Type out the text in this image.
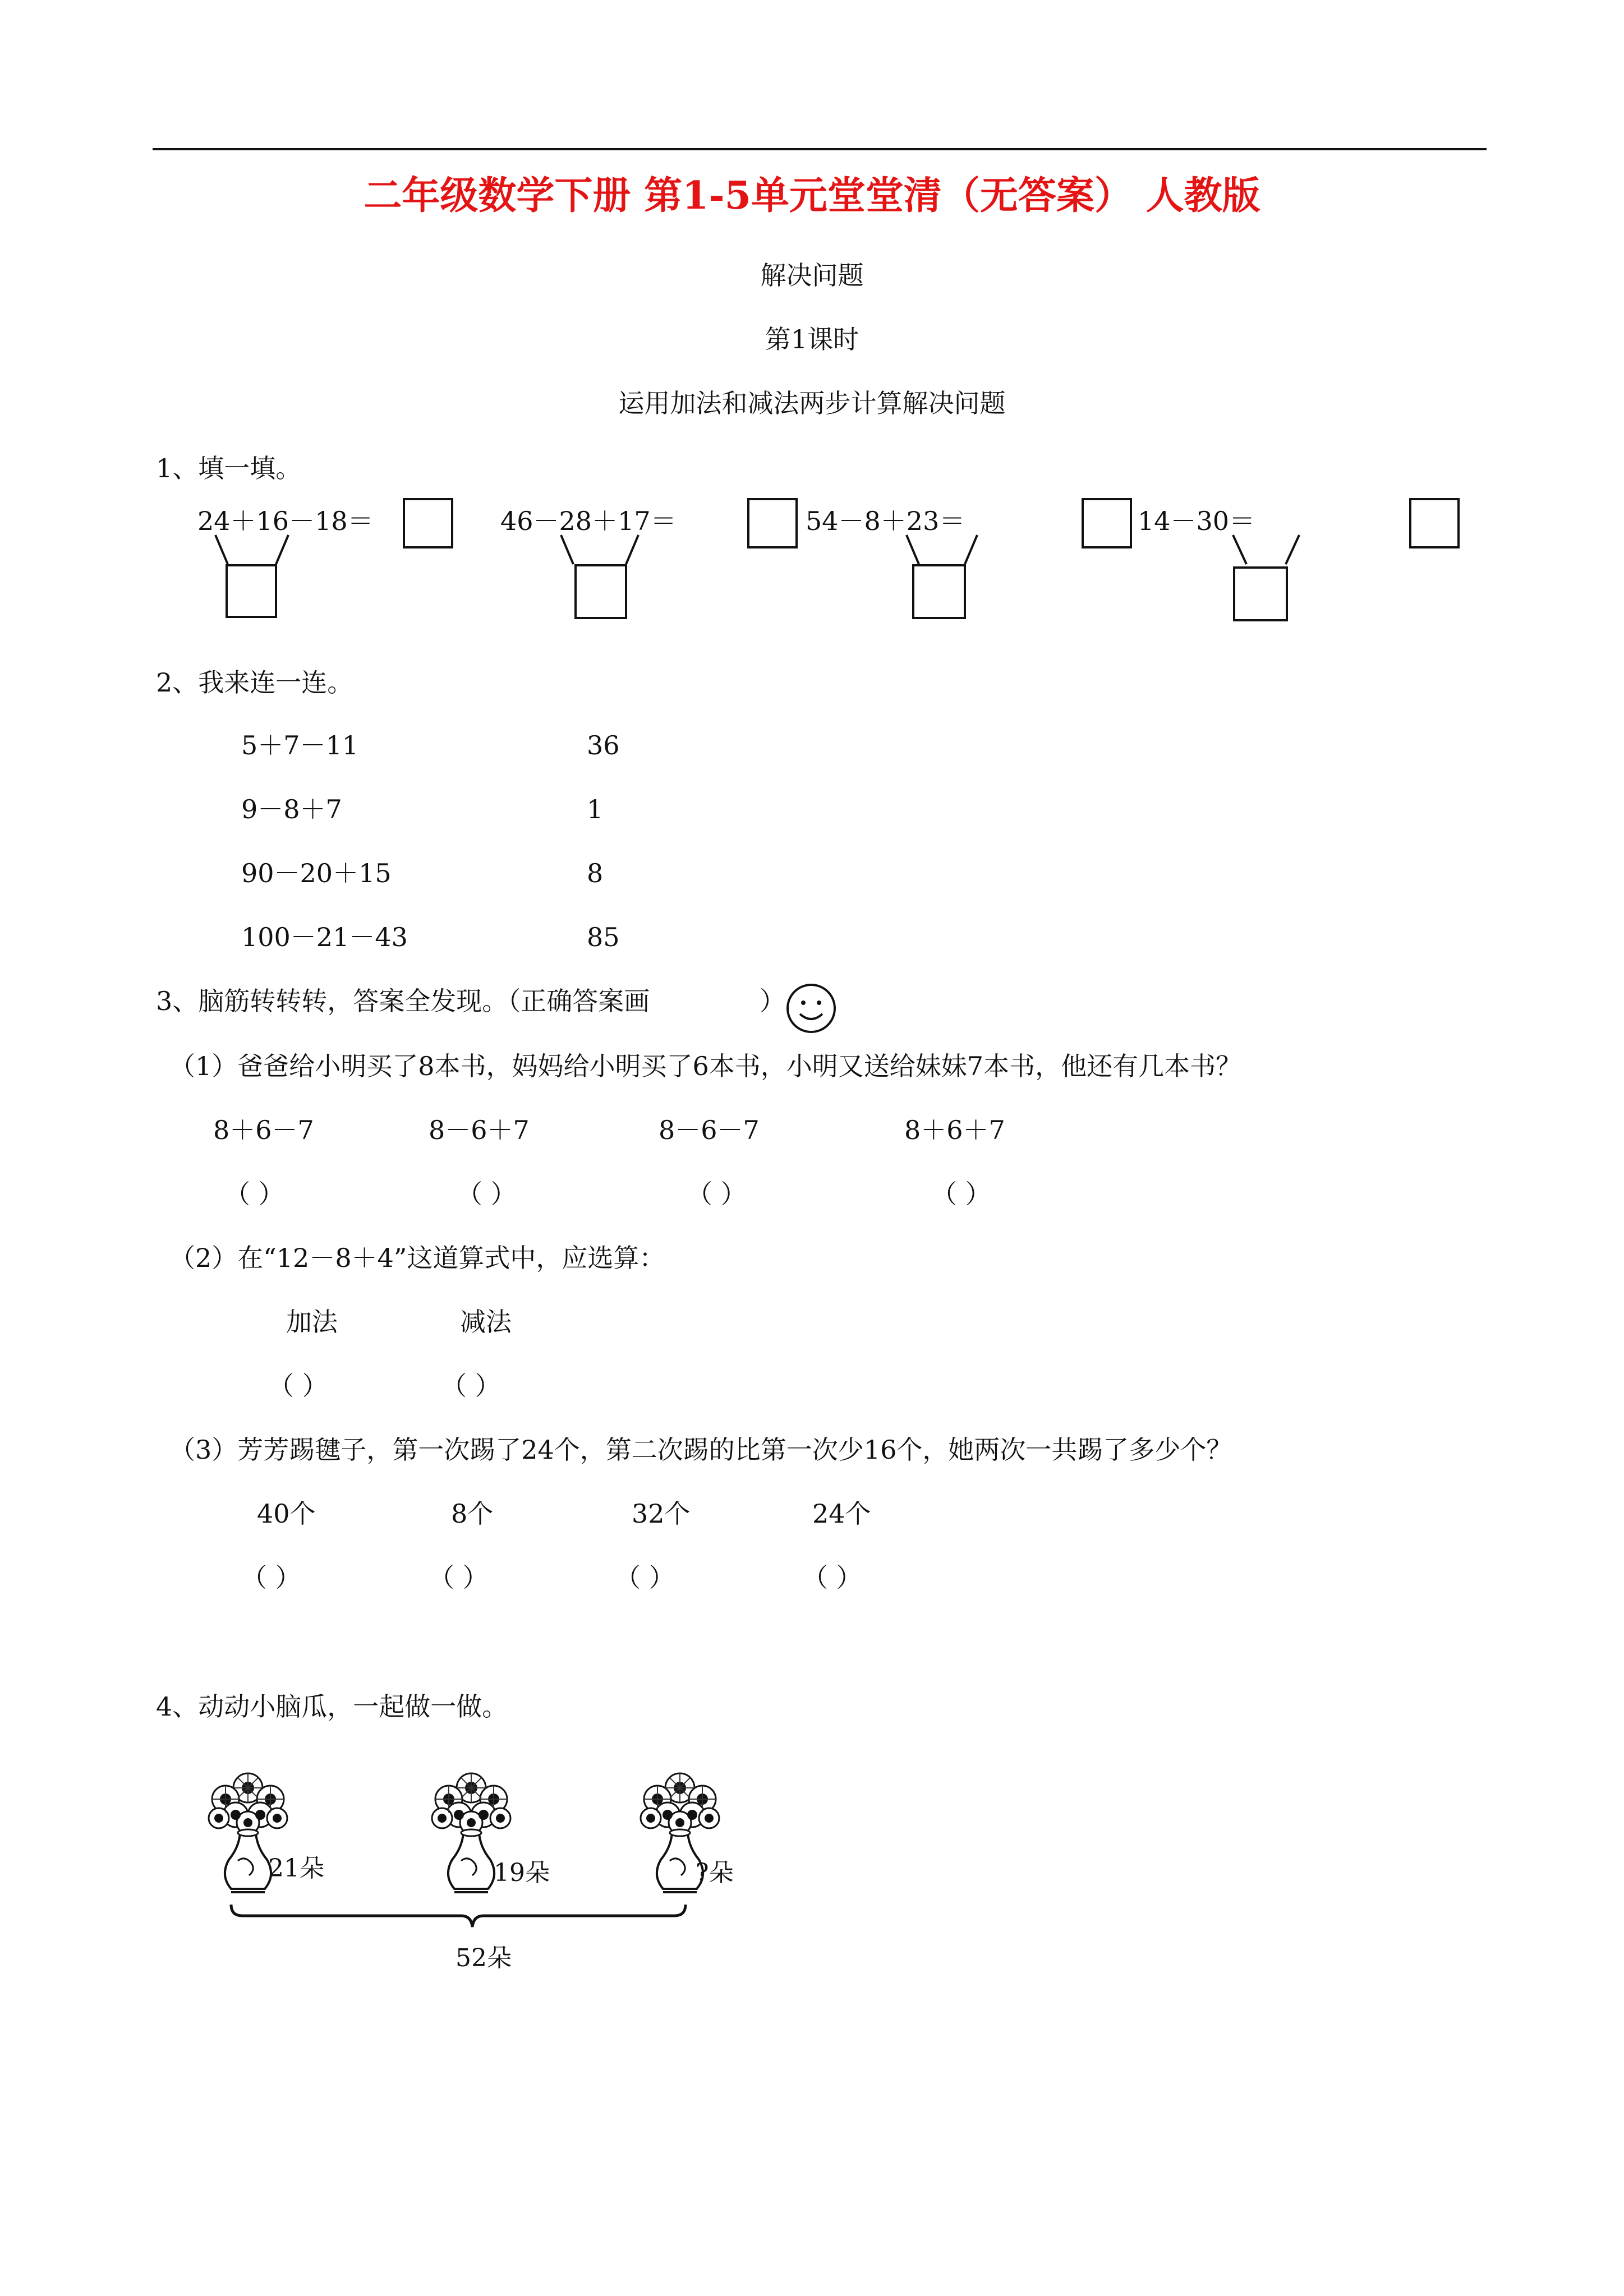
二年级数学下册 第1-5单元堂堂清（无答案） 人教版
解决问题
第1课时
运用加法和减法两步计算解决问题
1、填一填。
24＋16－18＝	46－28＋17＝	54－8＋23＝	14－30＝
2、我来连一连。
5＋7－11
9－8＋7
90－20＋15
100－21－43
36
1
8
85
3、脑筋转转转，答案全发现。（正确答案画	）
（1）爸爸给小明买了8本书，妈妈给小明买了6本书，小明又送给妹妹7本书，他还有几本书？
8＋6－7	8－6＋7	8－6－7	8＋6＋7
（ ）	（ ）	（ ）	（ ）
（2）在“12－8＋4”这道算式中，应选算：
加法	减法
（ ）	（ ）
（3）芳芳踢毽子，第一次踢了24个，第二次踢的比第一次少16个，她两次一共踢了多少个？
40个	8个	32个	24个
（ ）	（ ）	（ ）	（ ）
4、动动小脑瓜，一起做一做。
21朵	19朵	?朵
52朵
